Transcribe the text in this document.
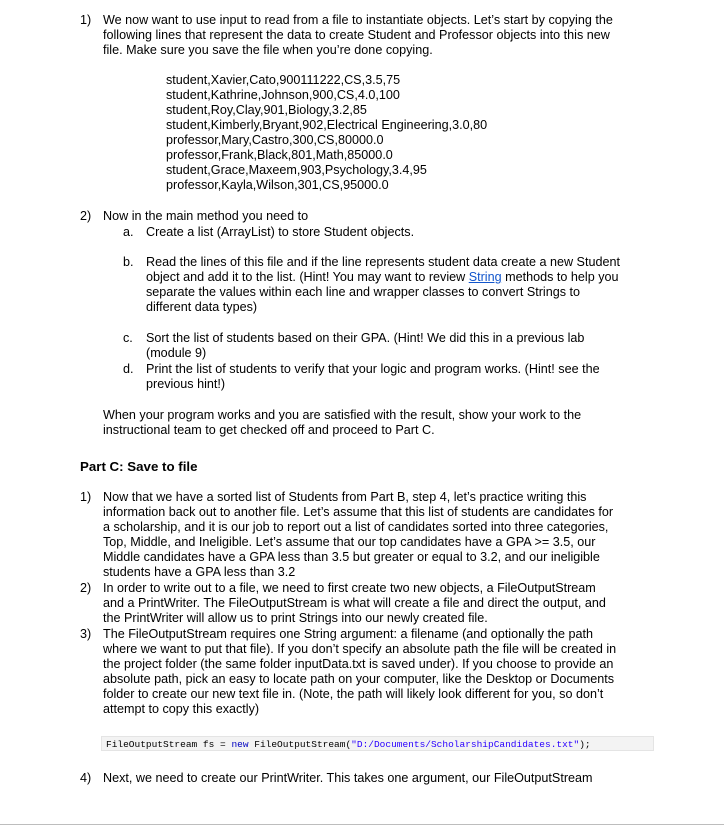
1) We now want to use input to read from a file to instantiate objects. Let’s start by copying the
following lines that represent the data to create Student and Professor objects into this new
file. Make sure you save the file when you’re done copying.
student,Xavier,Cato,900111222,CS,3.5,75
student,Kathrine,Johnson,900,CS,4.0,100
student,Roy,Clay,901,Biology,3.2,85
student,Kimberly,Bryant,902,Electrical Engineering,3.0,80
professor,Mary,Castro,300,CS,80000.0
professor,Frank,Black,801,Math,85000.0
student,Grace,Maxeem,903,Psychology,3.4,95
professor,Kayla,Wilson,301,CS,95000.0
2) Now in the main method you need to
a. Create a list (ArrayList) to store Student objects.
b. Read the lines of this file and if the line represents student data create a new Student
object and add it to the list. (Hint! You may want to review String methods to help you
separate the values within each line and wrapper classes to convert Strings to
different data types)
c. Sort the list of students based on their GPA. (Hint! We did this in a previous lab
(module 9)
d. Print the list of students to verify that your logic and program works. (Hint! see the
previous hint!)
When your program works and you are satisfied with the result, show your work to the
instructional team to get checked off and proceed to Part C.
Part C: Save to file
1) Now that we have a sorted list of Students from Part B, step 4, let’s practice writing this
information back out to another file. Let’s assume that this list of students are candidates for
a scholarship, and it is our job to report out a list of candidates sorted into three categories,
Top, Middle, and Ineligible. Let’s assume that our top candidates have a GPA >= 3.5, our
Middle candidates have a GPA less than 3.5 but greater or equal to 3.2, and our ineligible
students have a GPA less than 3.2
2) In order to write out to a file, we need to first create two new objects, a FileOutputStream
and a PrintWriter. The FileOutputStream is what will create a file and direct the output, and
the PrintWriter will allow us to print Strings into our newly created file.
3) The FileOutputStream requires one String argument: a filename (and optionally the path
where we want to put that file). If you don’t specify an absolute path the file will be created in
the project folder (the same folder inputData.txt is saved under). If you choose to provide an
absolute path, pick an easy to locate path on your computer, like the Desktop or Documents
folder to create our new text file in. (Note, the path will likely look different for you, so don’t
attempt to copy this exactly)
FileOutputStream fs = new FileOutputStream("D:/Documents/ScholarshipCandidates.txt");
4) Next, we need to create our PrintWriter. This takes one argument, our FileOutputStream
